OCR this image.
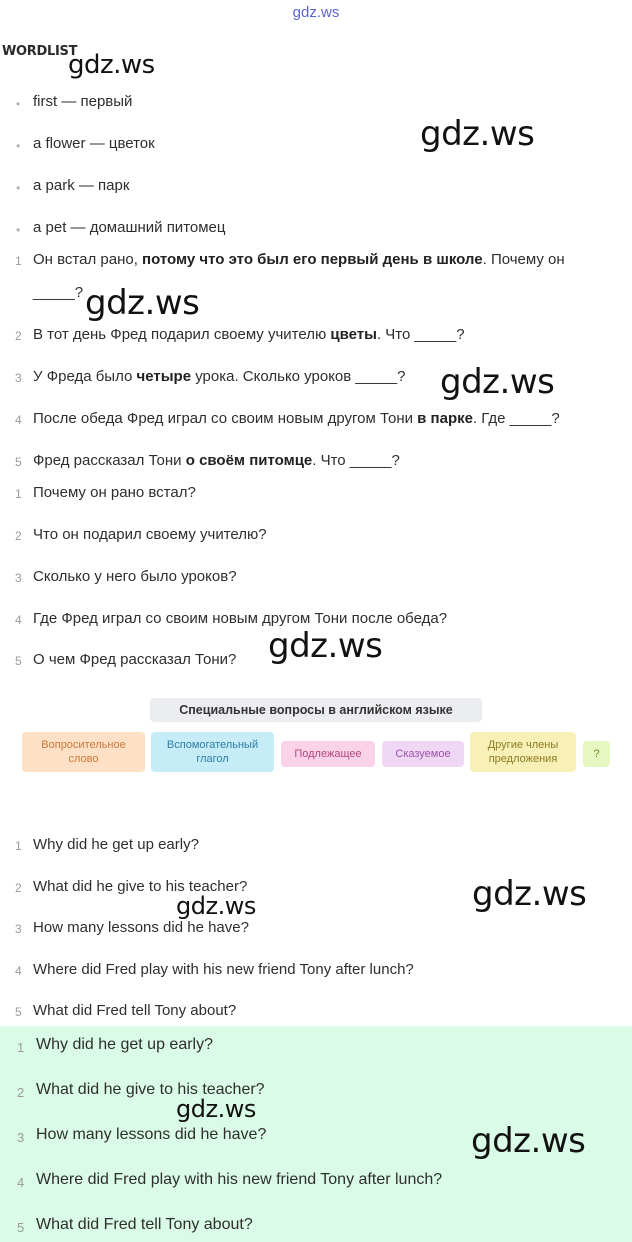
gdz.ws
WORDLIST
• first — первый
• a flower — цветок
• a park — парк
• a pet — домашний питомец
1 Он встал рано, потому что это был его первый день в школе. Почему он
_____?
2 В тот день Фред подарил своему учителю цветы. Что _____?
3 У Фреда было четыре урока. Сколько уроков _____?
4 После обеда Фред играл со своим новым другом Тони в парке. Где _____?
5 Фред рассказал Тони о своём питомце. Что _____?
1 Почему он рано встал?
2 Что он подарил своему учителю?
3 Сколько у него было уроков?
4 Где Фред играл со своим новым другом Тони после обеда?
5 О чем Фред рассказал Тони?
Специальные вопросы в английском языке
Вопросительное слово
Вспомогательный глагол	Подлежащее	Сказуемое
Другие члены предложения	?
1 Why did he get up early?
2 What did he give to his teacher?
3 How many lessons did he have?
4 Where did Fred play with his new friend Tony after lunch?
5 What did Fred tell Tony about?
1 Why did he get up early?
2 What did he give to his teacher?
3 How many lessons did he have?
4 Where did Fred play with his new friend Tony after lunch?
5 What did Fred tell Tony about?
gdz.ws
gdz.ws
gdz.ws
gdz.ws
gdz.ws
gdz.ws
gdz.ws
gdz.ws
gdz.ws
